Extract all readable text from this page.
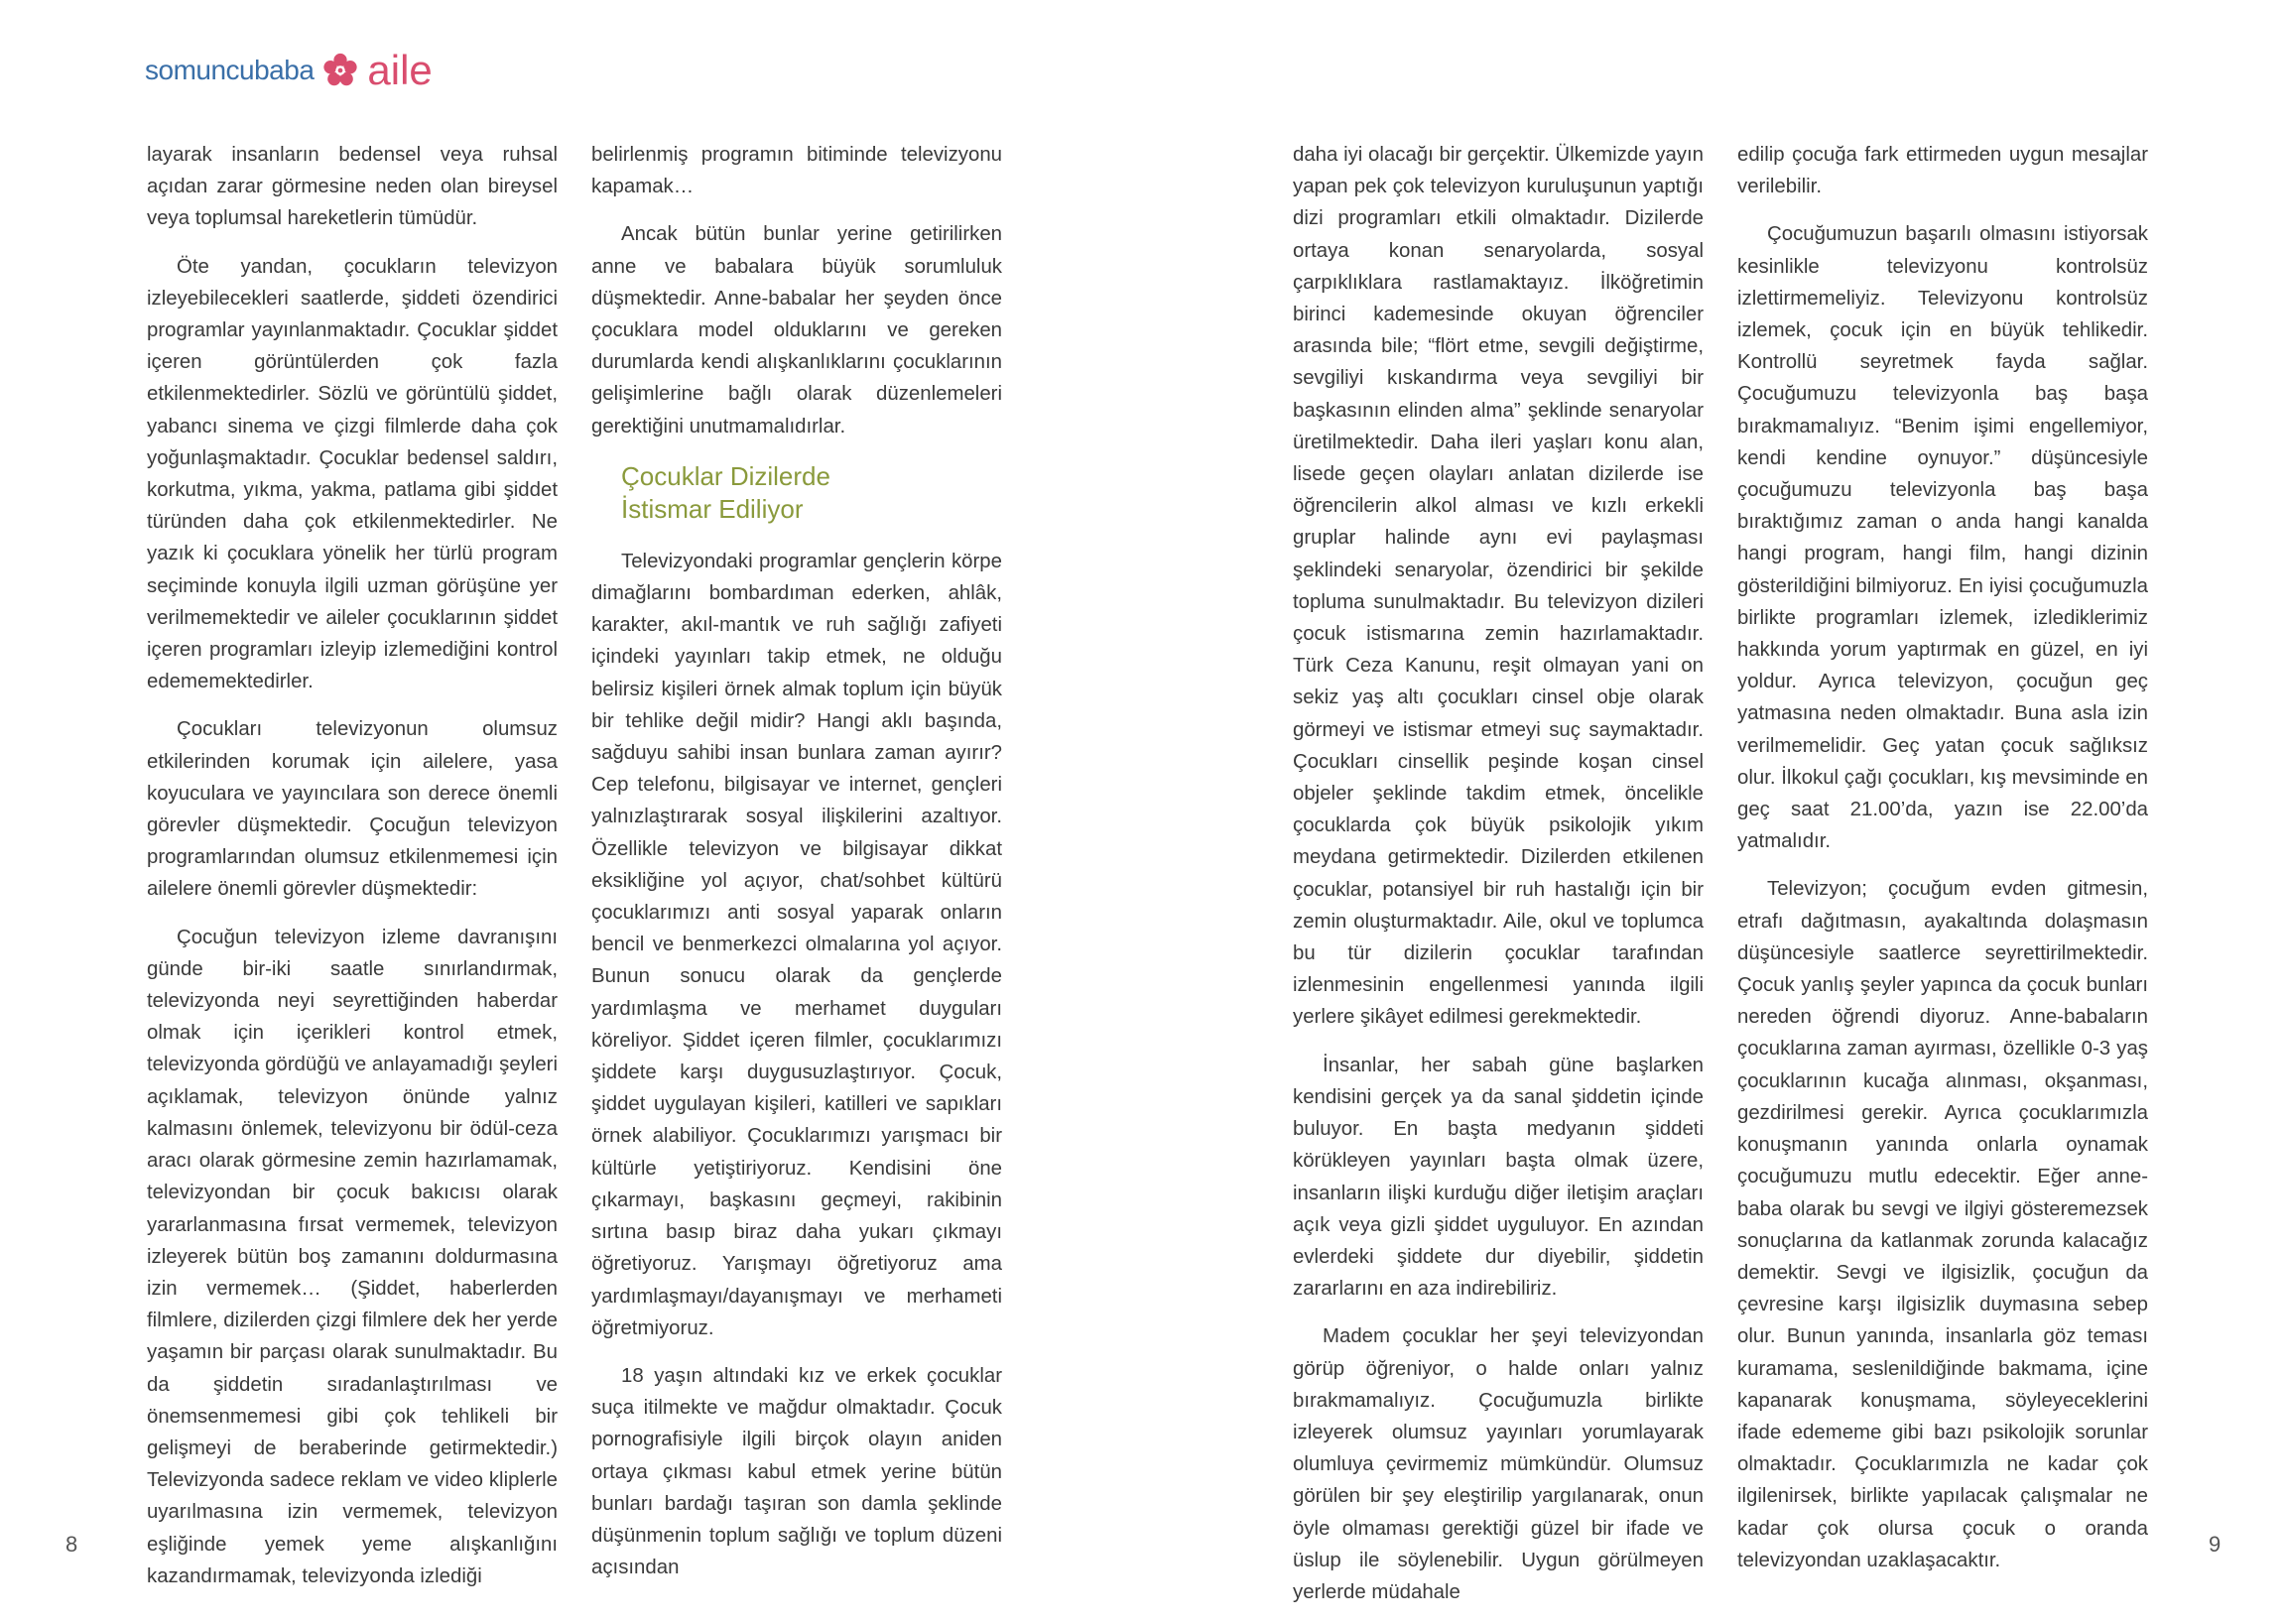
somuncubaba aile

layarak insanların bedensel veya ruhsal açıdan zarar görmesine neden olan bireysel veya toplumsal hareketlerin tümüdür.

Öte yandan, çocukların televizyon izleyebilecekleri saatlerde, şiddeti özendirici programlar yayınlanmaktadır. Çocuklar şiddet içeren görüntülerden çok fazla etkilenmektedirler. Sözlü ve görüntülü şiddet, yabancı sinema ve çizgi filmlerde daha çok yoğunlaşmaktadır. Çocuklar bedensel saldırı, korkutma, yıkma, yakma, patlama gibi şiddet türünden daha çok etkilenmektedirler. Ne yazık ki çocuklara yönelik her türlü program seçiminde konuyla ilgili uzman görüşüne yer verilmemektedir ve aileler çocuklarının şiddet içeren programları izleyip izlemediğini kontrol edememektedirler.

Çocukları televizyonun olumsuz etkilerinden korumak için ailelere, yasa koyuculara ve yayıncılara son derece önemli görevler düşmektedir. Çocuğun televizyon programlarından olumsuz etkilenmemesi için ailelere önemli görevler düşmektedir:

Çocuğun televizyon izleme davranışını günde bir-iki saatle sınırlandırmak, televizyonda neyi seyrettiğinden haberdar olmak için içerikleri kontrol etmek, televizyonda gördüğü ve anlayamadığı şeyleri açıklamak, televizyon önünde yalnız kalmasını önlemek, televizyonu bir ödül-ceza aracı olarak görmesine zemin hazırlamamak, televizyondan bir çocuk bakıcısı olarak yararlanmasına fırsat vermemek, televizyon izleyerek bütün boş zamanını doldurmasına izin vermemek… (Şiddet, haberlerden filmlere, dizilerden çizgi filmlere dek her yerde yaşamın bir parçası olarak sunulmaktadır. Bu da şiddetin sıradanlaştırılması ve önemsenmemesi gibi çok tehlikeli bir gelişmeyi de beraberinde getirmektedir.) Televizyonda sadece reklam ve video kliplerle uyarılmasına izin vermemek, televizyon eşliğinde yemek yeme alışkanlığını kazandırmamak, televizyonda izlediği

belirlenmiş programın bitiminde televizyonu kapamak…

Ancak bütün bunlar yerine getirilirken anne ve babalara büyük sorumluluk düşmektedir. Anne-babalar her şeyden önce çocuklara model olduklarını ve gereken durumlarda kendi alışkanlıklarını çocuklarının gelişimlerine bağlı olarak düzenlemeleri gerektiğini unutmamalıdırlar.

Çocuklar Dizilerde
İstismar Ediliyor

Televizyondaki programlar gençlerin körpe dimağlarını bombardıman ederken, ahlâk, karakter, akıl-mantık ve ruh sağlığı zafiyeti içindeki yayınları takip etmek, ne olduğu belirsiz kişileri örnek almak toplum için büyük bir tehlike değil midir? Hangi aklı başında, sağduyu sahibi insan bunlara zaman ayırır? Cep telefonu, bilgisayar ve internet, gençleri yalnızlaştırarak sosyal ilişkilerini azaltıyor. Özellikle televizyon ve bilgisayar dikkat eksikliğine yol açıyor, chat/sohbet kültürü çocuklarımızı anti sosyal yaparak onların bencil ve benmerkezci olmalarına yol açıyor. Bunun sonucu olarak da gençlerde yardımlaşma ve merhamet duyguları köreliyor. Şiddet içeren filmler, çocuklarımızı şiddete karşı duygusuzlaştırıyor. Çocuk, şiddet uygulayan kişileri, katilleri ve sapıkları örnek alabiliyor. Çocuklarımızı yarışmacı bir kültürle yetiştiriyoruz. Kendisini öne çıkarmayı, başkasını geçmeyi, rakibinin sırtına basıp biraz daha yukarı çıkmayı öğretiyoruz. Yarışmayı öğretiyoruz ama yardımlaşmayı/dayanışmayı ve merhameti öğretmiyoruz.

18 yaşın altındaki kız ve erkek çocuklar suça itilmekte ve mağdur olmaktadır. Çocuk pornografisiyle ilgili birçok olayın aniden ortaya çıkması kabul etmek yerine bütün bunları bardağı taşıran son damla şeklinde düşünmenin toplum sağlığı ve toplum düzeni açısından

daha iyi olacağı bir gerçektir. Ülkemizde yayın yapan pek çok televizyon kuruluşunun yaptığı dizi programları etkili olmaktadır. Dizilerde ortaya konan senaryolarda, sosyal çarpıklıklara rastlamaktayız. İlköğretimin birinci kademesinde okuyan öğrenciler arasında bile; “flört etme, sevgili değiştirme, sevgiliyi kıskandırma veya sevgiliyi bir başkasının elinden alma” şeklinde senaryolar üretilmektedir. Daha ileri yaşları konu alan, lisede geçen olayları anlatan dizilerde ise öğrencilerin alkol alması ve kızlı erkekli gruplar halinde aynı evi paylaşması şeklindeki senaryolar, özendirici bir şekilde topluma sunulmaktadır. Bu televizyon dizileri çocuk istismarına zemin hazırlamaktadır. Türk Ceza Kanunu, reşit olmayan yani on sekiz yaş altı çocukları cinsel obje olarak görmeyi ve istismar etmeyi suç saymaktadır. Çocukları cinsellik peşinde koşan cinsel objeler şeklinde takdim etmek, öncelikle çocuklarda çok büyük psikolojik yıkım meydana getirmektedir. Dizilerden etkilenen çocuklar, potansiyel bir ruh hastalığı için bir zemin oluşturmaktadır. Aile, okul ve toplumca bu tür dizilerin çocuklar tarafından izlenmesinin engellenmesi yanında ilgili yerlere şikâyet edilmesi gerekmektedir.

İnsanlar, her sabah güne başlarken kendisini gerçek ya da sanal şiddetin içinde buluyor. En başta medyanın şiddeti körükleyen yayınları başta olmak üzere, insanların ilişki kurduğu diğer iletişim araçları açık veya gizli şiddet uyguluyor. En azından evlerdeki şiddete dur diyebilir, şiddetin zararlarını en aza indirebiliriz.

Madem çocuklar her şeyi televizyondan görüp öğreniyor, o halde onları yalnız bırakmamalıyız. Çocuğumuzla birlikte izleyerek olumsuz yayınları yorumlayarak olumluya çevirmemiz mümkündür. Olumsuz görülen bir şey eleştirilip yargılanarak, onun öyle olmaması gerektiği güzel bir ifade ve üslup ile söylenebilir. Uygun görülmeyen yerlerde müdahale

edilip çocuğa fark ettirmeden uygun mesajlar verilebilir.

Çocuğumuzun başarılı olmasını istiyorsak kesinlikle televizyonu kontrolsüz izlettirmemeliyiz. Televizyonu kontrolsüz izlemek, çocuk için en büyük tehlikedir. Kontrollü seyretmek fayda sağlar. Çocuğumuzu televizyonla baş başa bırakmamalıyız. “Benim işimi engellemiyor, kendi kendine oynuyor.” düşüncesiyle çocuğumuzu televizyonla baş başa bıraktığımız zaman o anda hangi kanalda hangi program, hangi film, hangi dizinin gösterildiğini bilmiyoruz. En iyisi çocuğumuzla birlikte programları izlemek, izlediklerimiz hakkında yorum yaptırmak en güzel, en iyi yoldur. Ayrıca televizyon, çocuğun geç yatmasına neden olmaktadır. Buna asla izin verilmemelidir. Geç yatan çocuk sağlıksız olur. İlkokul çağı çocukları, kış mevsiminde en geç saat 21.00’da, yazın ise 22.00’da yatmalıdır.

Televizyon; çocuğum evden gitmesin, etrafı dağıtmasın, ayakaltında dolaşmasın düşüncesiyle saatlerce seyrettirilmektedir. Çocuk yanlış şeyler yapınca da çocuk bunları nereden öğrendi diyoruz. Anne-babaların çocuklarına zaman ayırması, özellikle 0-3 yaş çocuklarının kucağa alınması, okşanması, gezdirilmesi gerekir. Ayrıca çocuklarımızla konuşmanın yanında onlarla oynamak çocuğumuzu mutlu edecektir. Eğer anne-baba olarak bu sevgi ve ilgiyi gösteremezsek sonuçlarına da katlanmak zorunda kalacağız demektir. Sevgi ve ilgisizlik, çocuğun da çevresine karşı ilgisizlik duymasına sebep olur. Bunun yanında, insanlarla göz teması kuramama, seslenildiğinde bakmama, içine kapanarak konuşmama, söyleyeceklerini ifade edememe gibi bazı psikolojik sorunlar olmaktadır. Çocuklarımızla ne kadar çok ilgilenirsek, birlikte yapılacak çalışmalar ne kadar çok olursa çocuk o oranda televizyondan uzaklaşacaktır.

8	9
